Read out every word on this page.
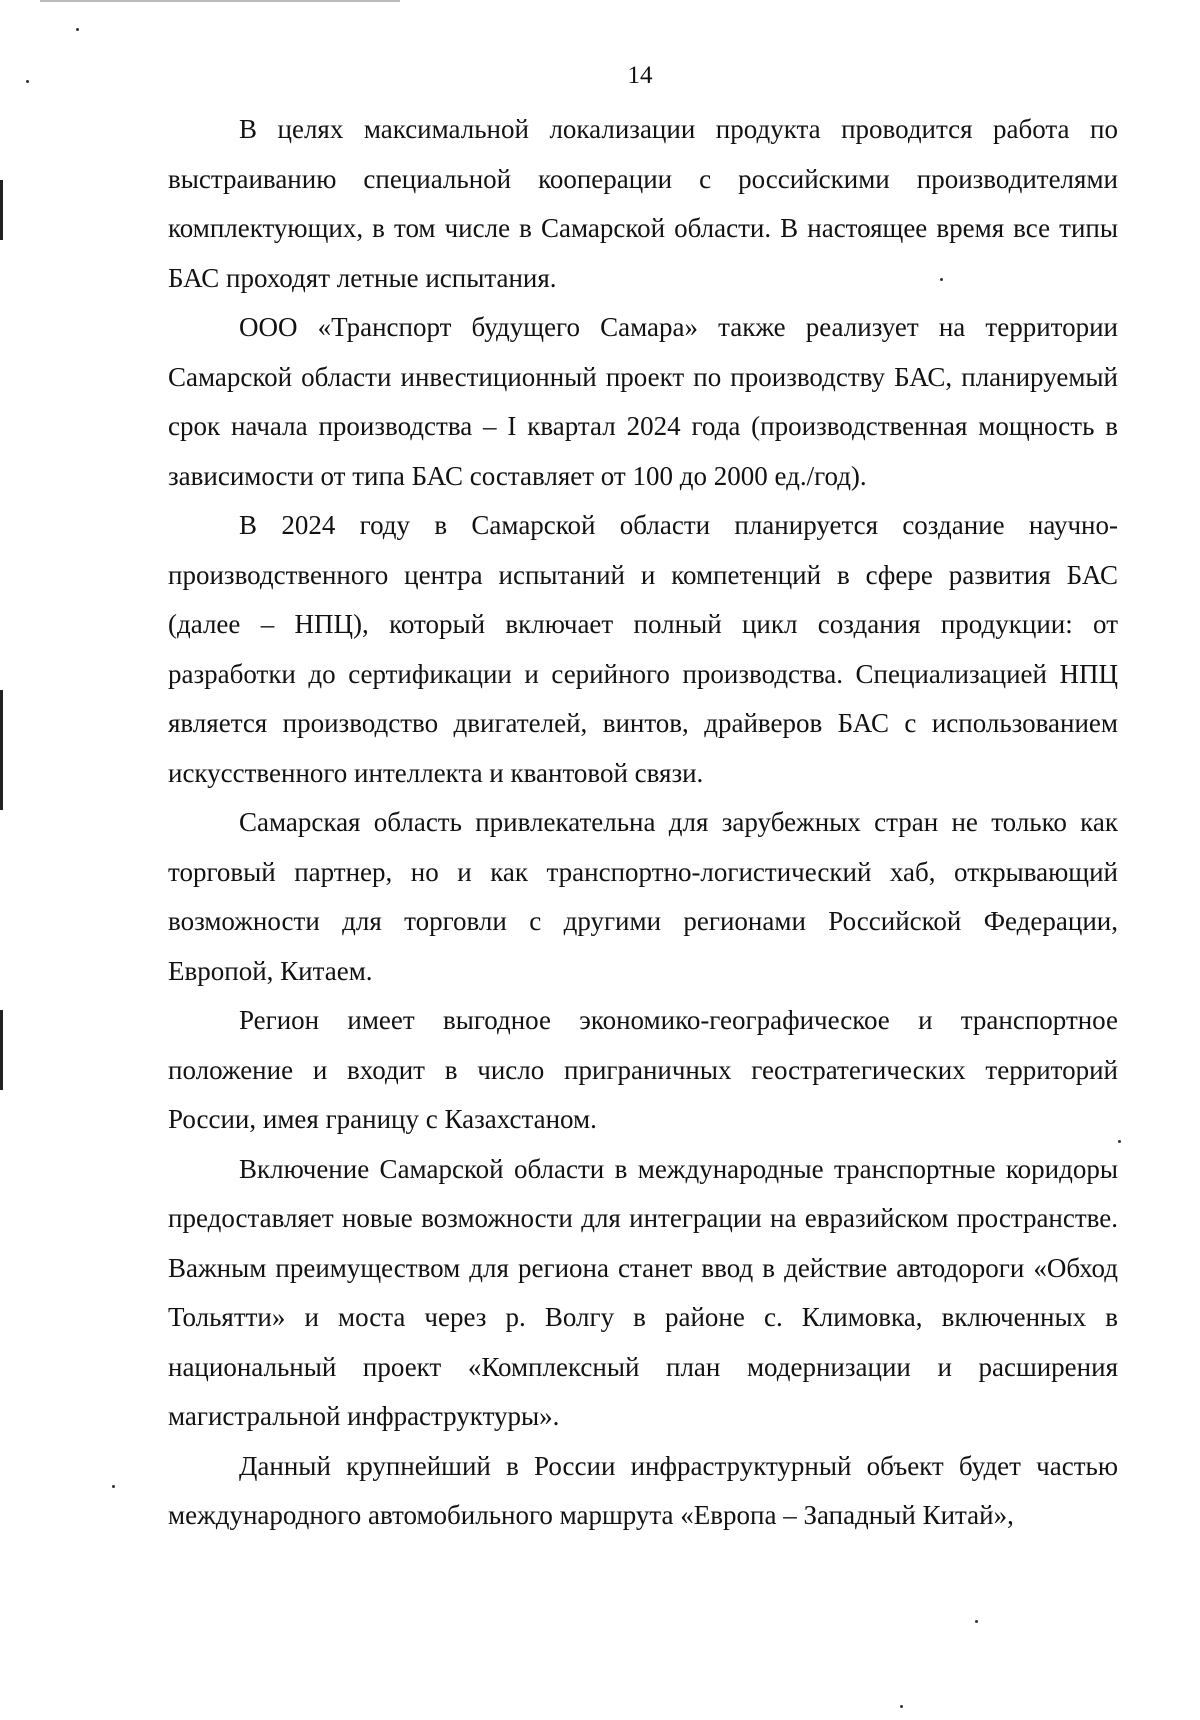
14

В целях максимальной локализации продукта проводится работа по выстраиванию специальной кооперации с российскими производителями комплектующих, в том числе в Самарской области. В настоящее время все типы БАС проходят летные испытания.

ООО «Транспорт будущего Самара» также реализует на территории Самарской области инвестиционный проект по производству БАС, планируемый срок начала производства – I квартал 2024 года (производственная мощность в зависимости от типа БАС составляет от 100 до 2000 ед./год).

В 2024 году в Самарской области планируется создание научно-производственного центра испытаний и компетенций в сфере развития БАС (далее – НПЦ), который включает полный цикл создания продукции: от разработки до сертификации и серийного производства. Специализацией НПЦ является производство двигателей, винтов, драйверов БАС с использованием искусственного интеллекта и квантовой связи.

Самарская область привлекательна для зарубежных стран не только как торговый партнер, но и как транспортно-логистический хаб, открывающий возможности для торговли с другими регионами Российской Федерации, Европой, Китаем.

Регион имеет выгодное экономико-географическое и транспортное положение и входит в число приграничных геостратегических территорий России, имея границу с Казахстаном.

Включение Самарской области в международные транспортные коридоры предоставляет новые возможности для интеграции на евразийском пространстве. Важным преимуществом для региона станет ввод в действие автодороги «Обход Тольятти» и моста через р. Волгу в районе с. Климовка, включенных в национальный проект «Комплексный план модернизации и расширения магистральной инфраструктуры».

Данный крупнейший в России инфраструктурный объект будет частью международного автомобильного маршрута «Европа – Западный Китай»,
